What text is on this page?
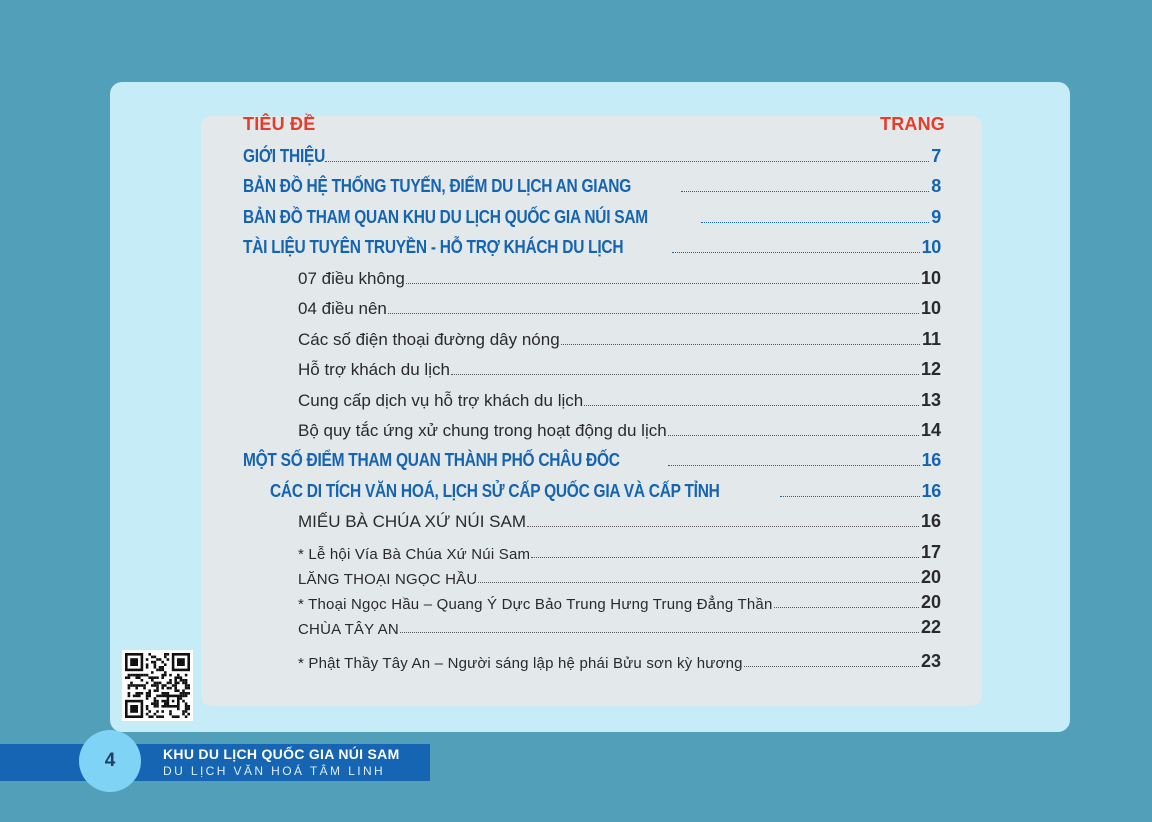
TIÊU ĐỀ	TRANG
GIỚI THIỆU	7
BẢN ĐỒ HỆ THỐNG TUYẾN, ĐIỂM DU LỊCH AN GIANG	8
BẢN ĐỒ THAM QUAN KHU DU LỊCH QUỐC GIA NÚI SAM	9
TÀI LIỆU TUYÊN TRUYỀN - HỖ TRỢ KHÁCH DU LỊCH	10
07 điều không	10
04 điều nên	10
Các số điện thoại đường dây nóng	11
Hỗ trợ khách du lịch	12
Cung cấp dịch vụ hỗ trợ khách du lịch	13
Bộ quy tắc ứng xử chung trong hoạt động du lịch	14
MỘT SỐ ĐIỂM THAM QUAN THÀNH PHỐ CHÂU ĐỐC	16
CÁC DI TÍCH VĂN HOÁ, LỊCH SỬ CẤP QUỐC GIA VÀ CẤP TỈNH	16
MIẾU BÀ CHÚA XỨ NÚI SAM	16
* Lễ hội Vía Bà Chúa Xứ Núi Sam	17
LĂNG THOẠI NGỌC HẦU	20
* Thoại Ngọc Hầu – Quang Ý Dực Bảo Trung Hưng Trung Đẳng Thần	20
CHÙA TÂY AN	22
* Phật Thầy Tây An – Người sáng lập hệ phái Bửu sơn kỳ hương	23
4	KHU DU LỊCH QUỐC GIA NÚI SAM
DU LỊCH VĂN HOÁ TÂM LINH
